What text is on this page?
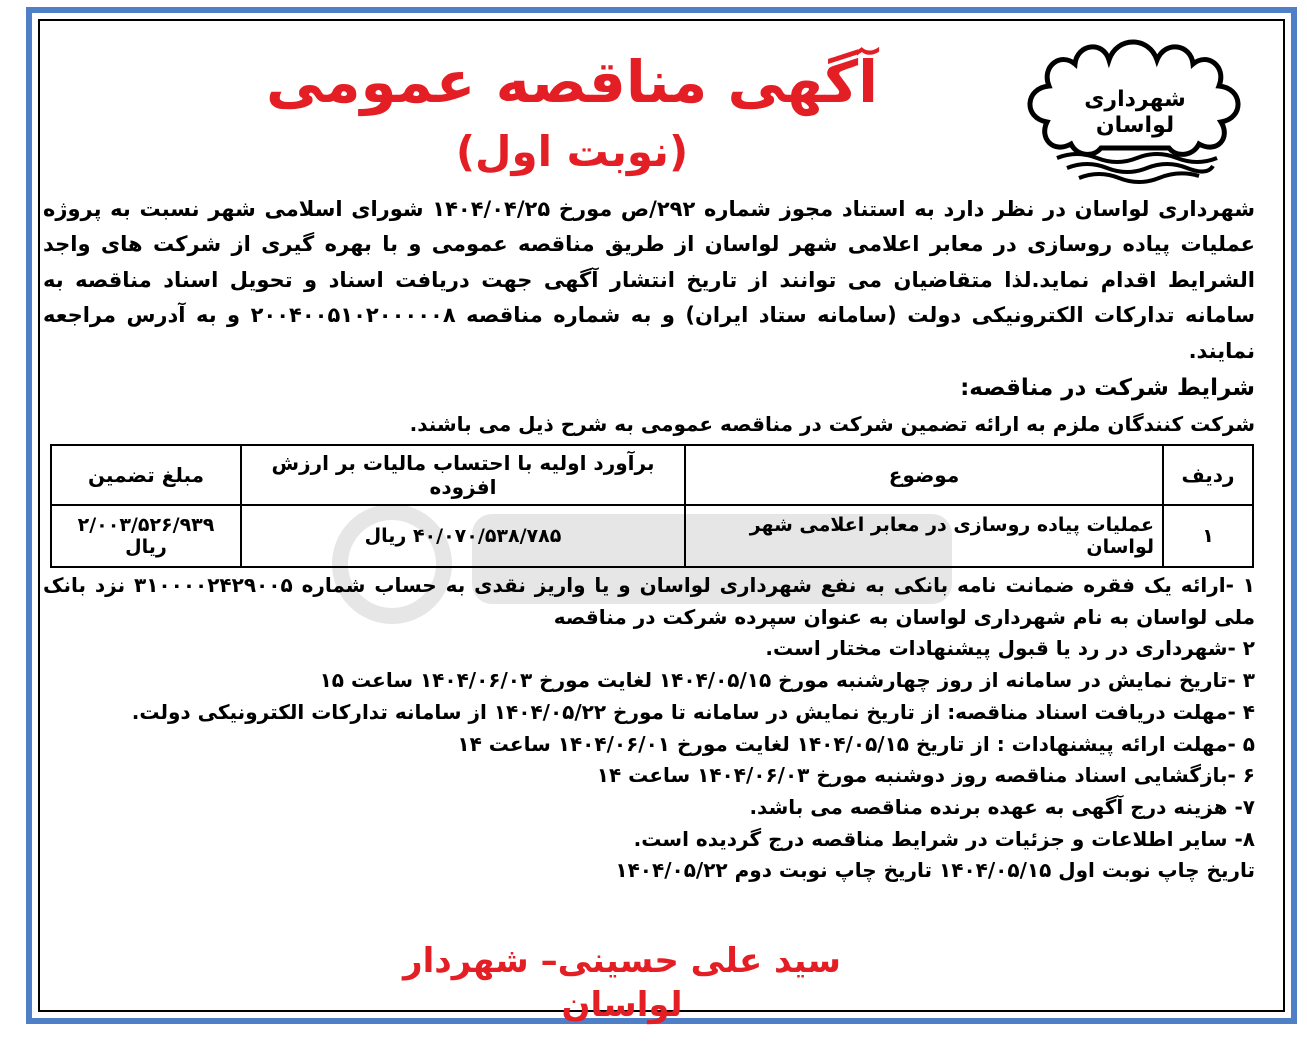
آگهی مناقصه عمومی
(نوبت اول)
شهرداری
لواسان
شهرداری لواسان در نظر دارد به استناد مجوز شماره ۲۹۲/ص مورخ ۱۴۰۴/۰۴/۲۵ شورای اسلامی شهر نسبت به پروژه عملیات پیاده روسازی در معابر اعلامی شهر لواسان از طریق مناقصه عمومی و با بهره گیری از شرکت های واجد الشرایط اقدام نماید.لذا متقاضیان می توانند از تاریخ انتشار آگهی جهت دریافت اسناد و تحویل اسناد مناقصه به سامانه تدارکات الکترونیکی دولت (سامانه ستاد ایران) و به شماره مناقصه ۲۰۰۴۰۰۵۱۰۲۰۰۰۰۰۸ و به آدرس مراجعه نمایند.
شرایط شرکت در مناقصه:
شرکت کنندگان ملزم به ارائه تضمین شرکت در مناقصه عمومی به شرح ذیل می باشند.
ردیف	موضوع	برآورد اولیه با احتساب مالیات بر ارزش افزوده	مبلغ تضمین
۱	عملیات پیاده روسازی در معابر اعلامی شهر لواسان	۴۰/۰۷۰/۵۳۸/۷۸۵ ریال	۲/۰۰۳/۵۲۶/۹۳۹ ریال
۱ -ارائه یک فقره ضمانت نامه بانکی به نفع شهرداری لواسان و یا واریز نقدی به حساب شماره ۳۱۰۰۰۰۲۴۲۹۰۰۵ نزد بانک ملی لواسان به نام شهرداری لواسان به عنوان سپرده شرکت در مناقصه
۲ -شهرداری در رد یا قبول پیشنهادات مختار است.
۳ -تاریخ نمایش در سامانه از روز چهارشنبه مورخ ۱۴۰۴/۰۵/۱۵ لغایت مورخ ۱۴۰۴/۰۶/۰۳ ساعت ۱۵
۴ -مهلت دریافت اسناد مناقصه: از تاریخ نمایش در سامانه تا مورخ ۱۴۰۴/۰۵/۲۲ از سامانه تدارکات الکترونیکی دولت.
۵ -مهلت ارائه پیشنهادات : از تاریخ ۱۴۰۴/۰۵/۱۵ لغایت مورخ ۱۴۰۴/۰۶/۰۱ ساعت ۱۴
۶ -بازگشایی اسناد مناقصه روز دوشنبه مورخ ۱۴۰۴/۰۶/۰۳ ساعت ۱۴
۷- هزینه درج آگهی به عهده برنده مناقصه می باشد.
۸- سایر اطلاعات و جزئیات در شرایط مناقصه درج گردیده است.
تاریخ چاپ نوبت اول ۱۴۰۴/۰۵/۱۵ تاریخ چاپ نوبت دوم ۱۴۰۴/۰۵/۲۲
سید علی حسینی– شهردار لواسان
